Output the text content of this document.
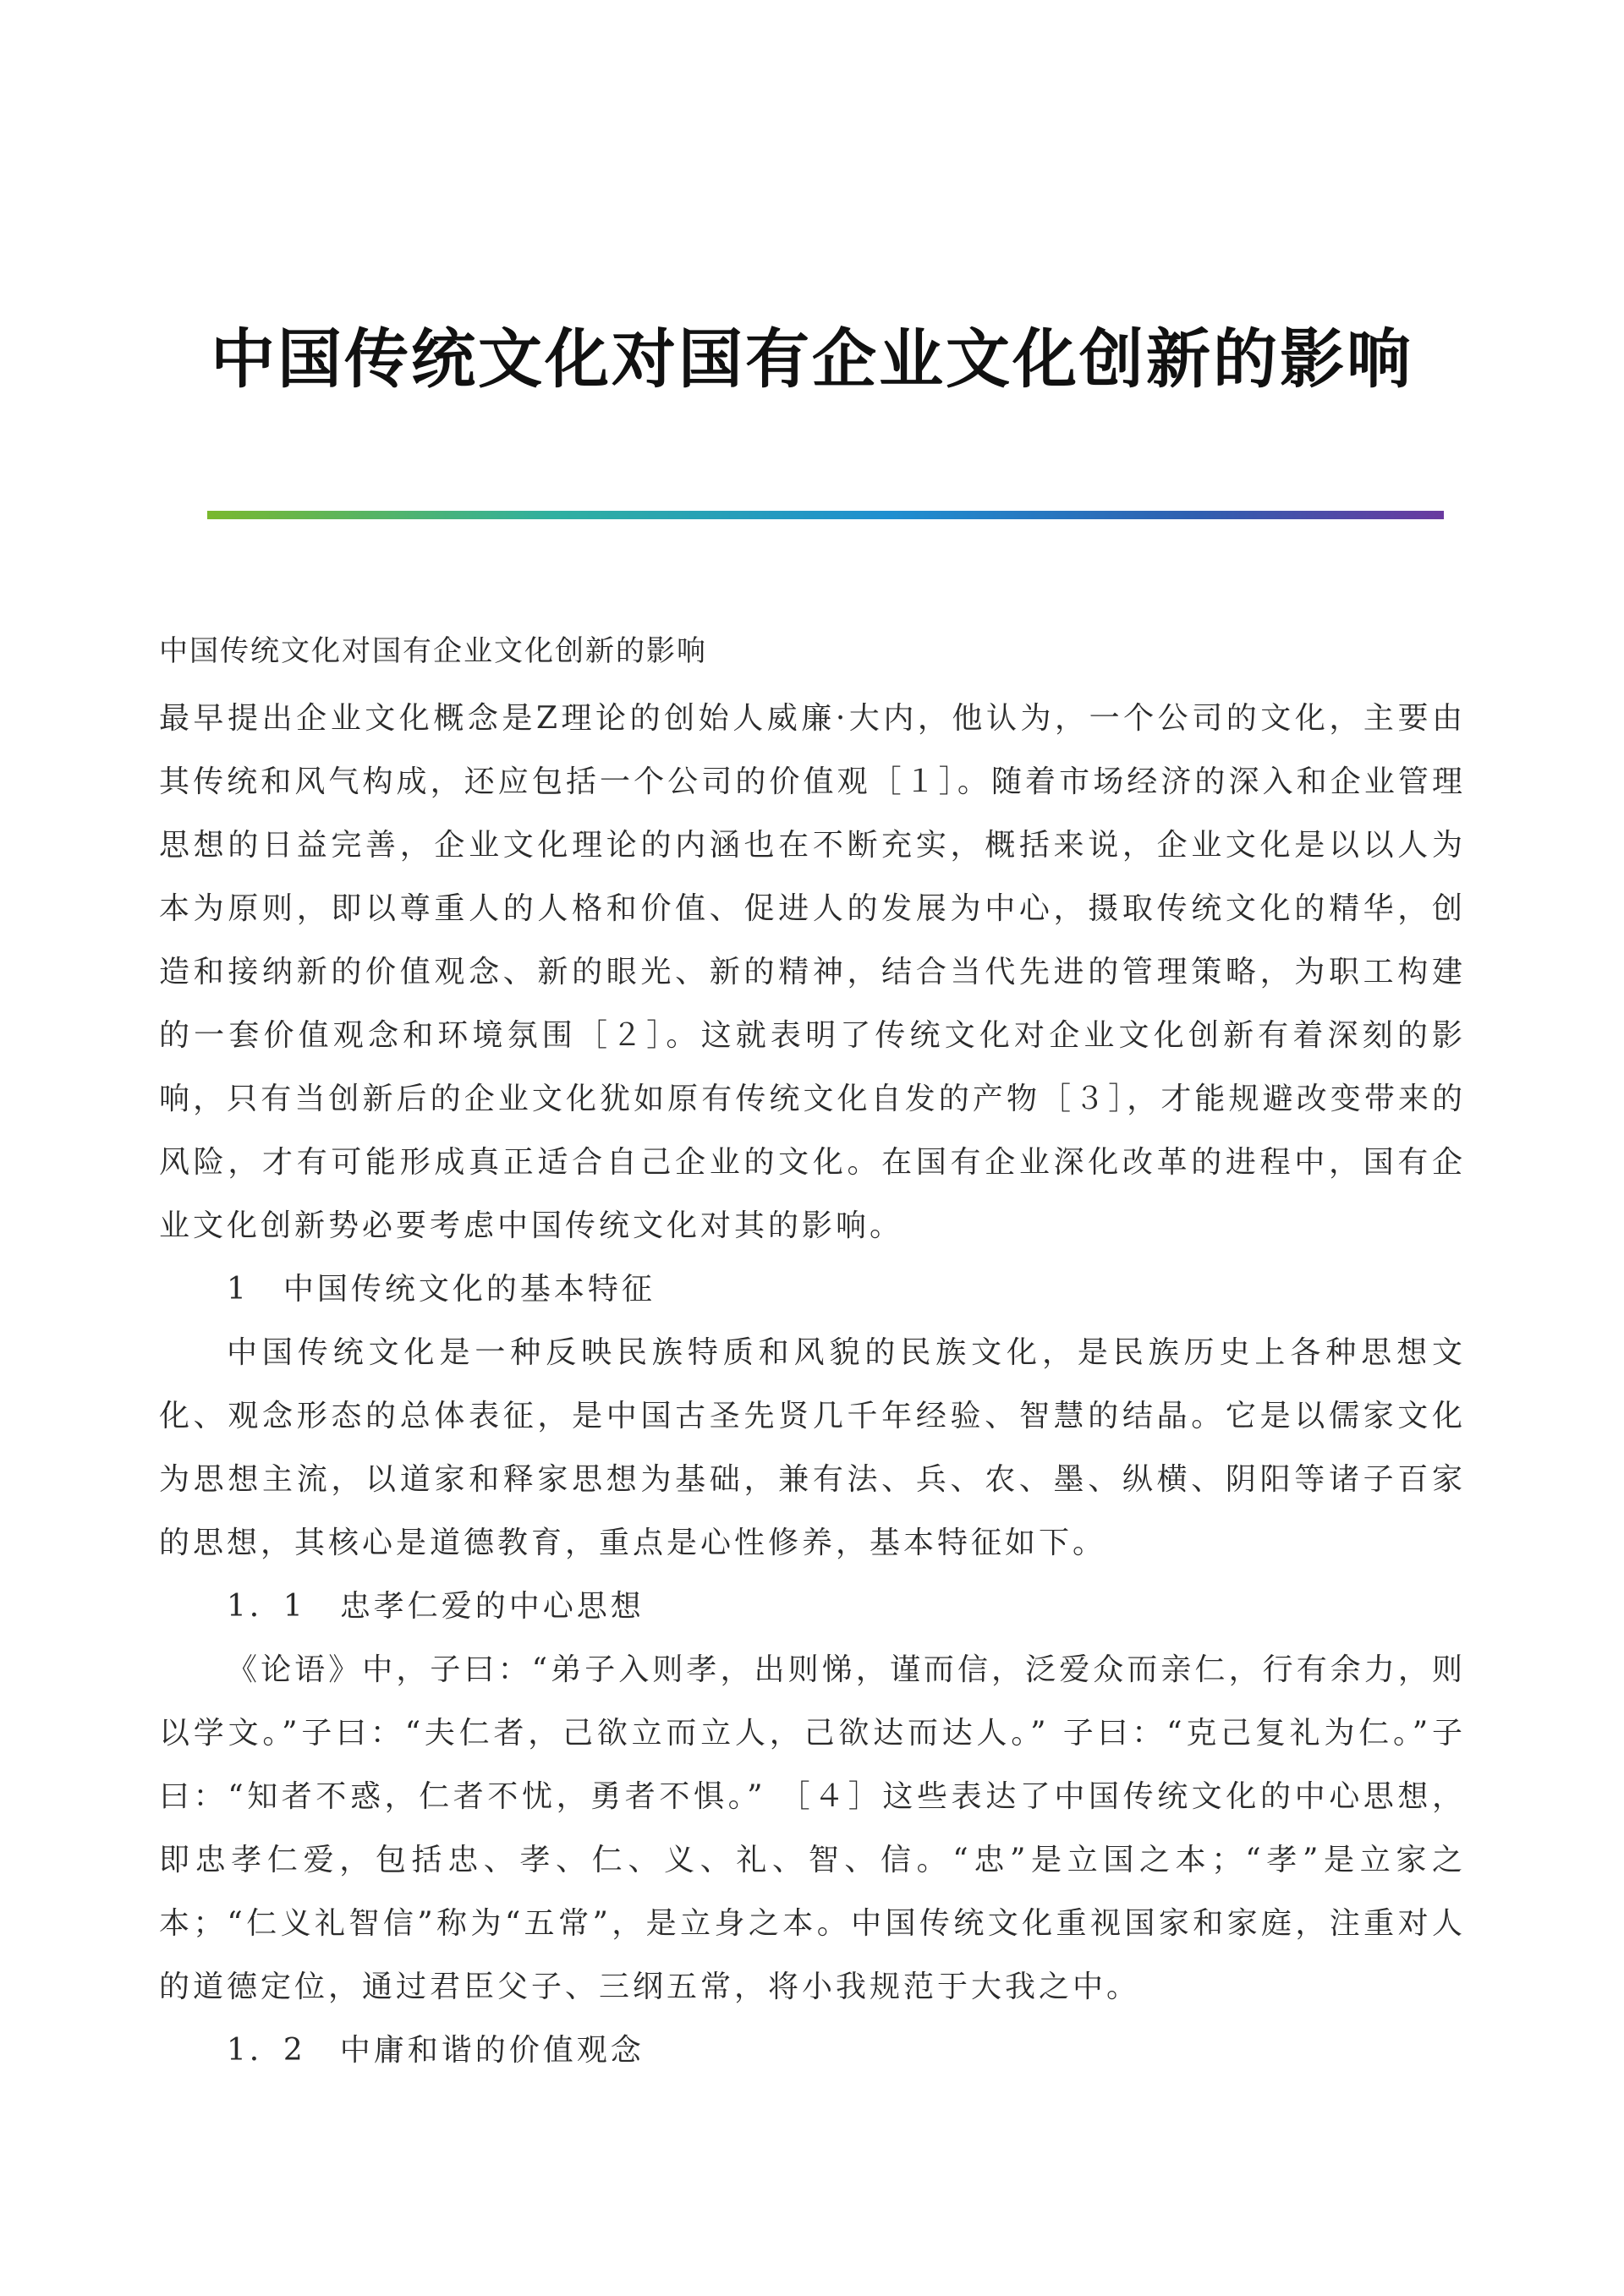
中国传统文化对国有企业文化创新的影响

中国传统文化对国有企业文化创新的影响

最早提出企业文化概念是Z理论的创始人威廉·大内，他认为，一个公司的文化，主要由其传统和风气构成，还应包括一个公司的价值观［１］。随着市场经济的深入和企业管理思想的日益完善，企业文化理论的内涵也在不断充实，概括来说，企业文化是以以人为本为原则，即以尊重人的人格和价值、促进人的发展为中心，摄取传统文化的精华，创造和接纳新的价值观念、新的眼光、新的精神，结合当代先进的管理策略，为职工构建的一套价值观念和环境氛围［２］。这就表明了传统文化对企业文化创新有着深刻的影响，只有当创新后的企业文化犹如原有传统文化自发的产物［３］，才能规避改变带来的风险，才有可能形成真正适合自己企业的文化。在国有企业深化改革的进程中，国有企业文化创新势必要考虑中国传统文化对其的影响。

1　中国传统文化的基本特征

中国传统文化是一种反映民族特质和风貌的民族文化，是民族历史上各种思想文化、观念形态的总体表征，是中国古圣先贤几千年经验、智慧的结晶。它是以儒家文化为思想主流，以道家和释家思想为基础，兼有法、兵、农、墨、纵横、阴阳等诸子百家的思想，其核心是道德教育，重点是心性修养，基本特征如下。

1．1　忠孝仁爱的中心思想

《论语》中，子曰：“弟子入则孝，出则悌，谨而信，泛爱众而亲仁，行有余力，则以学文。”子曰：“夫仁者，己欲立而立人，己欲达而达人。” 子曰：“克己复礼为仁。”子曰：“知者不惑，仁者不忧，勇者不惧。” ［４］这些表达了中国传统文化的中心思想，即忠孝仁爱，包括忠、孝、仁、义、礼、智、信。“忠”是立国之本；“孝”是立家之本；“仁义礼智信”称为“五常”，是立身之本。中国传统文化重视国家和家庭，注重对人的道德定位，通过君臣父子、三纲五常，将小我规范于大我之中。

1．2　中庸和谐的价值观念
